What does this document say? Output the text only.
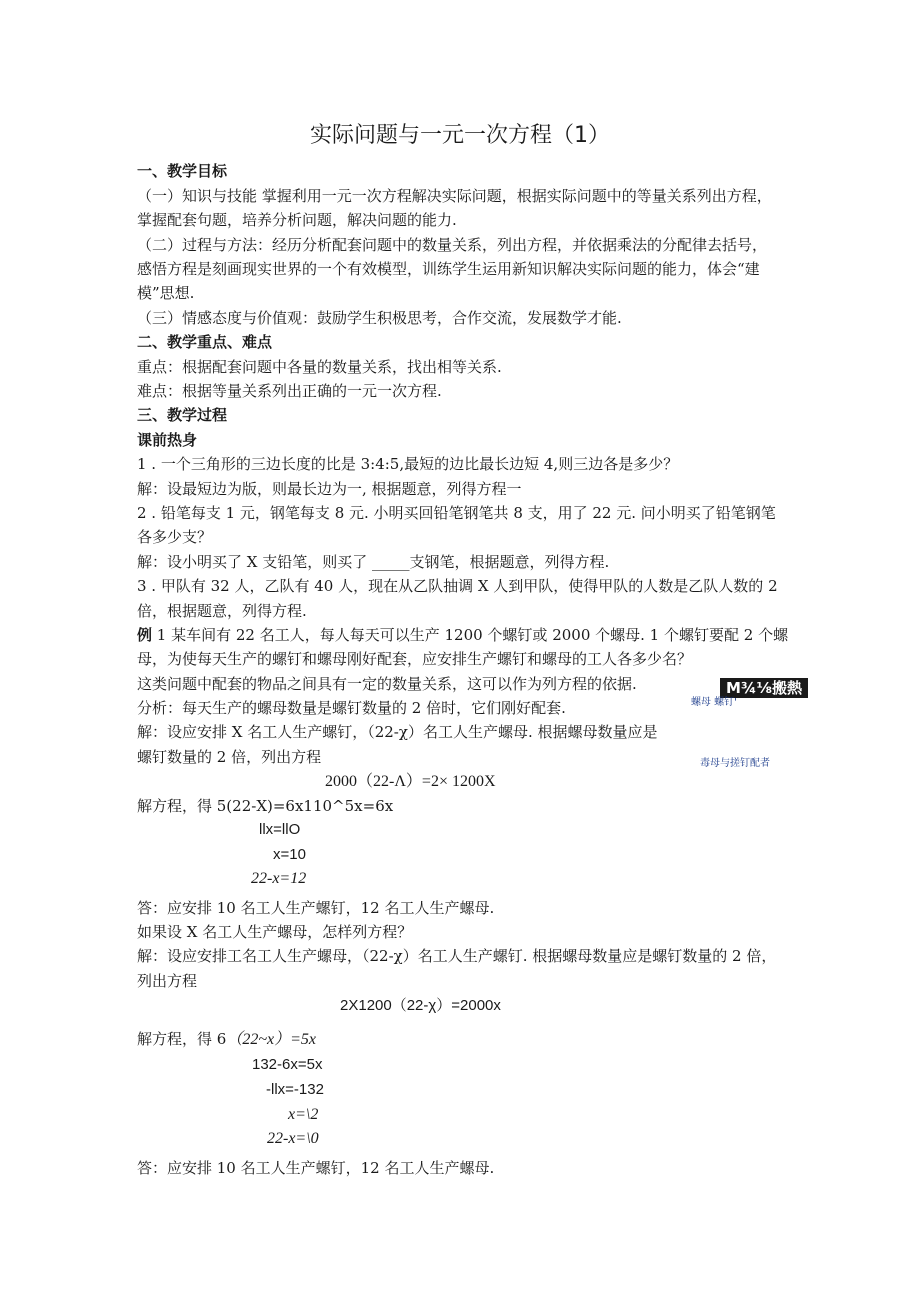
实际问题与一元一次方程（1）
一、教学目标
（一）知识与技能 掌握利用一元一次方程解决实际问题，根据实际问题中的等量关系列出方程，
掌握配套句题，培养分析问题，解决问题的能力.
（二）过程与方法：经历分析配套问题中的数量关系，列出方程，并依据乘法的分配律去括号，
感悟方程是刻画现实世界的一个有效模型，训练学生运用新知识解决实际问题的能力，体会“建
模”思想.
（三）情感态度与价值观：鼓励学生积极思考，合作交流，发展数学才能.
二、教学重点、难点
重点：根据配套问题中各量的数量关系，找出相等关系.
难点：根据等量关系列出正确的一元一次方程.
三、教学过程
课前热身
1 . 一个三角形的三边长度的比是 3:4:5,最短的边比最长边短 4,则三边各是多少？
解：设最短边为版，则最长边为一, 根据题意，列得方程一
2 . 铅笔每支 1 元，钢笔每支 8 元. 小明买回铅笔钢笔共 8 支，用了 22 元. 问小明买了铅笔钢笔
各多少支？
解：设小明买了 X 支铅笔，则买了 _____支钢笔，根据题意，列得方程.
3 . 甲队有 32 人，乙队有 40 人，现在从乙队抽调 X 人到甲队，使得甲队的人数是乙队人数的 2
倍，根据题意，列得方程.
例 1 某车间有 22 名工人，每人每天可以生产 1200 个螺钉或 2000 个螺母. 1 个螺钉要配 2 个螺
母，为使每天生产的螺钉和螺母刚好配套，应安排生产螺钉和螺母的工人各多少名？
这类问题中配套的物品之间具有一定的数量关系，这可以作为列方程的依据.
分析：每天生产的螺母数量是螺钉数量的 2 倍时，它们刚好配套.
解：设应安排 X 名工人生产螺钉，（22-χ）名工人生产螺母. 根据螺母数量应是
螺钉数量的 2 倍，列出方程
2000（22-Λ）=2× 1200X
解方程，得 5(22-X)=6x110^5x=6x
llx=llO
x=10
22-x=12
答：应安排 10 名工人生产螺钉，12 名工人生产螺母.
如果设 X 名工人生产螺母，怎样列方程？
解：设应安排工名工人生产螺母，（22-χ）名工人生产螺钉. 根据螺母数量应是螺钉数量的 2 倍，
列出方程
2X1200（22-χ）=2000x
解方程，得 6（22~x）=5x
132-6x=5x
-llx=-132
x=\2
22-x=\0
答：应安排 10 名工人生产螺钉，12 名工人生产螺母.
M¾⅛搬熱
螺母 螺钉'
毒母与搓钉配者
